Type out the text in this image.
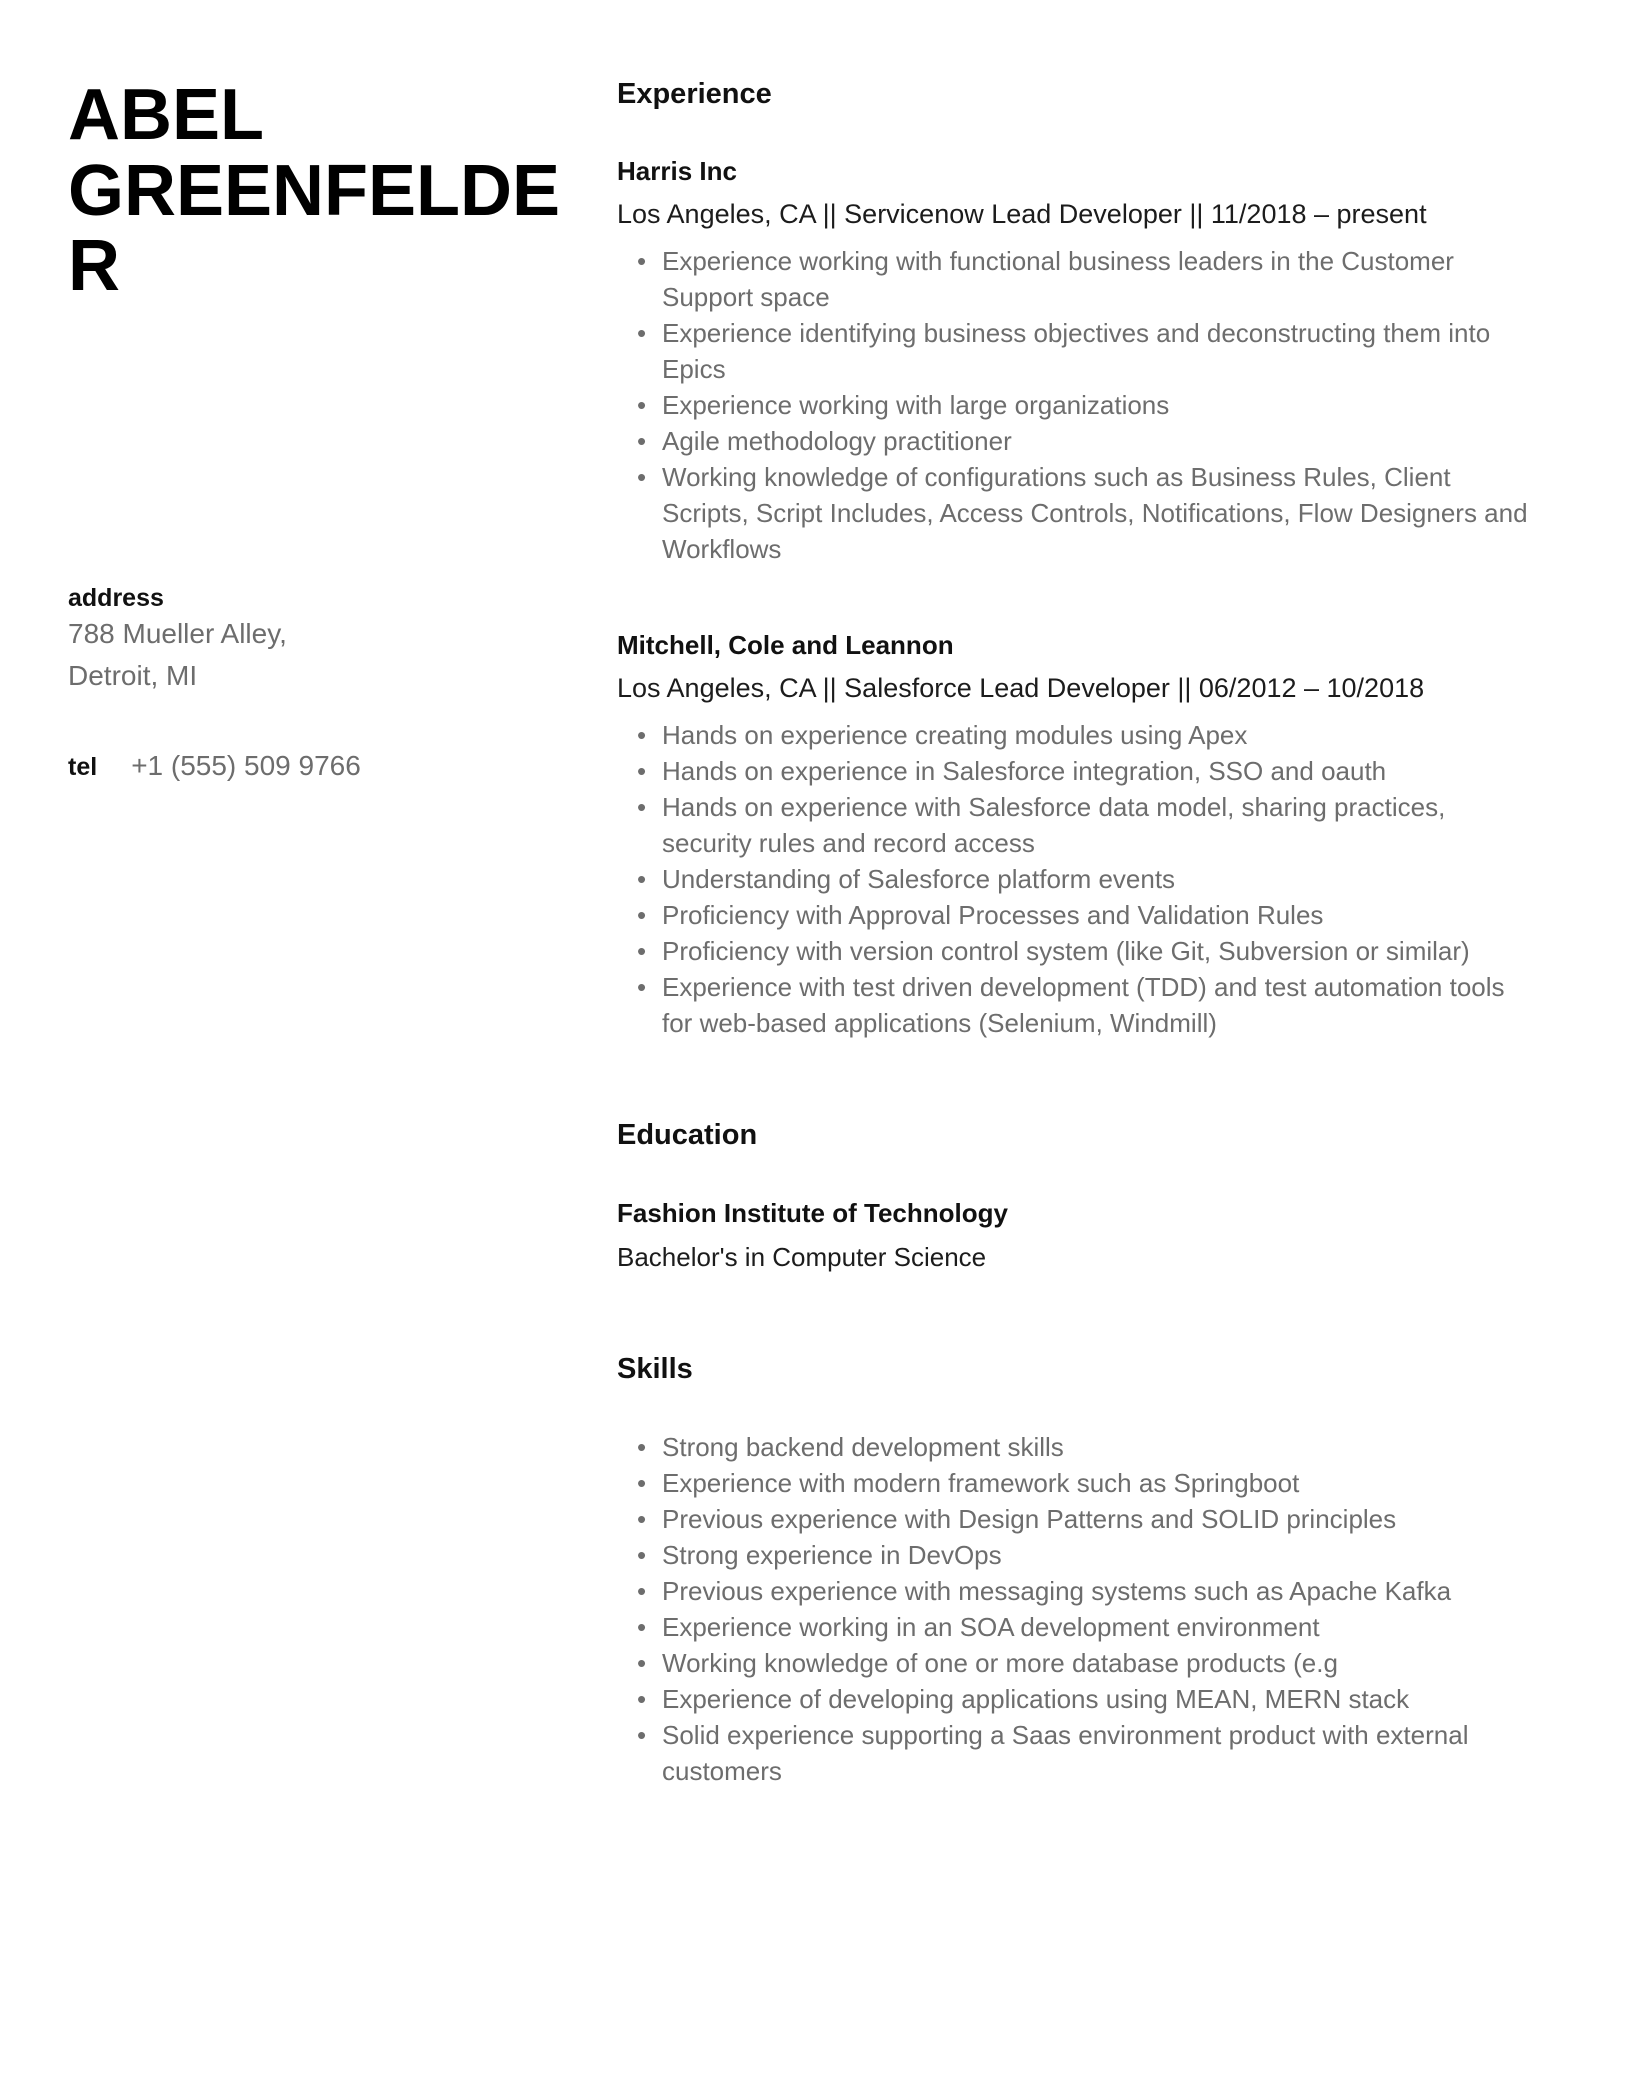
ABEL GREENFELDER
address
788 Mueller Alley,
Detroit, MI
tel +1 (555) 509 9766
Experience
Harris Inc
Los Angeles, CA || Servicenow Lead Developer || 11/2018 – present
• Experience working with functional business leaders in the Customer Support space
• Experience identifying business objectives and deconstructing them into Epics
• Experience working with large organizations
• Agile methodology practitioner
• Working knowledge of configurations such as Business Rules, Client Scripts, Script Includes, Access Controls, Notifications, Flow Designers and Workflows
Mitchell, Cole and Leannon
Los Angeles, CA || Salesforce Lead Developer || 06/2012 – 10/2018
• Hands on experience creating modules using Apex
• Hands on experience in Salesforce integration, SSO and oauth
• Hands on experience with Salesforce data model, sharing practices, security rules and record access
• Understanding of Salesforce platform events
• Proficiency with Approval Processes and Validation Rules
• Proficiency with version control system (like Git, Subversion or similar)
• Experience with test driven development (TDD) and test automation tools for web-based applications (Selenium, Windmill)
Education
Fashion Institute of Technology
Bachelor's in Computer Science
Skills
• Strong backend development skills
• Experience with modern framework such as Springboot
• Previous experience with Design Patterns and SOLID principles
• Strong experience in DevOps
• Previous experience with messaging systems such as Apache Kafka
• Experience working in an SOA development environment
• Working knowledge of one or more database products (e.g
• Experience of developing applications using MEAN, MERN stack
• Solid experience supporting a Saas environment product with external customers
